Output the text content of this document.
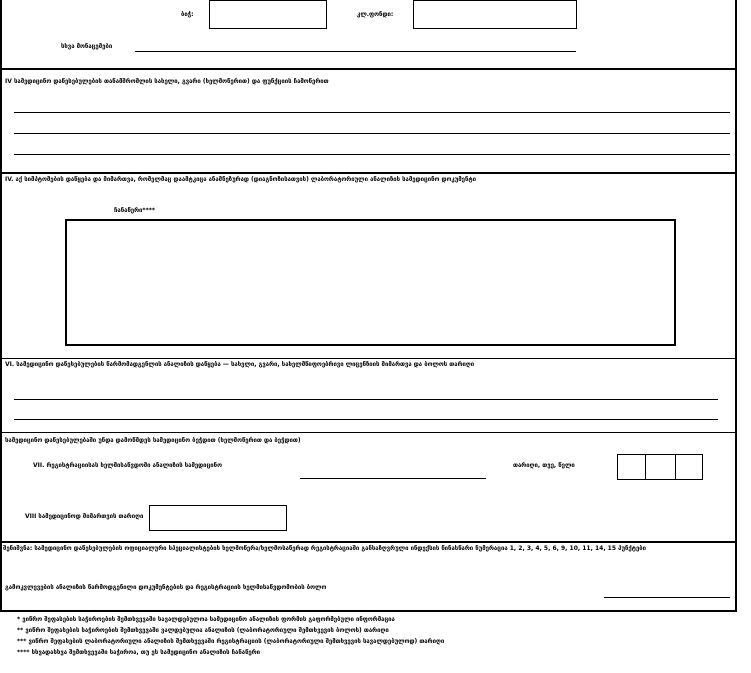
ბიჭ:	კლ.ფონდი:
სხვა მონაცემები
IV სამედიცინო დაწესებულების თანამშრომლის სახელი, გვარი (ხელმოწერით) და ფუნქციის ჩამოწერით
IV. აქ სიმპტომების დაწყება და მიმართვა, რომელმაც დაამტკიცა ანამნეზურად (დიაგნოზისათვის) ლაბორატორიული ანალიზის სამედიცინო დოკუმენტი
ჩანაწერი****
VI. სამედიცინო დაწესებულების წარმომადგენლის ანალიზის დაწყება — სახელი, გვარი, სახელმწიფოებრივი ლიცენზიის მიმართვა და ბოლოს თარიღი
სამედიცინო დაწესებულებაში უნდა დამოწმდეს სამედიცინო ბეჭდით (ხელმოწერით და ბეჭდით)
VII. რეგისტრაციისას ხელმისაწვდომი ანალიზის სამედიცინო	თარიღი, თვე, წელი
VIII სამედიცინოდ მიმართვის თარიღი
შენიშვნა: სამედიცინო დაწესებულების ოფიციალური სპეციალისტების ხელმოწერა/ხელმოსაწერად რეგისტრაციაში განსაზღვრული ინდექსის წინასწარი ნუმერაცია 1, 2, 3, 4, 5, 6, 9, 10, 11, 14, 15 პუნქტები
გამოკვლევების ანალიზის წარმოდგენილი დოკუმენტების და რეგისტრაციის ხელმისაწვდომობის ბოლო
* ვიწრო შეფასების საჭიროების შემთხვევაში სავალდებულოა სამედიცინო ანალიზის ფორმის გაფორმებული ინფორმაცია
** ვიწრო შეფასების საჭიროების შემთხვევაში ვალდებულია ანალიზის (ლაბორატორიული შემთხვევის ბოლოს) თარიღი
*** ვიწრო შეფასების ლაბორატორიული ანალიზის შემთხვევაში რეგისტრაციის (ლაბორატორიული შემთხვევის სავალდებულოდ) თარიღი
**** სხვადასხვა შემთხვევაში საჭიროა, თუ ეს სამედიცინო ანალიზის ჩანაწერი
